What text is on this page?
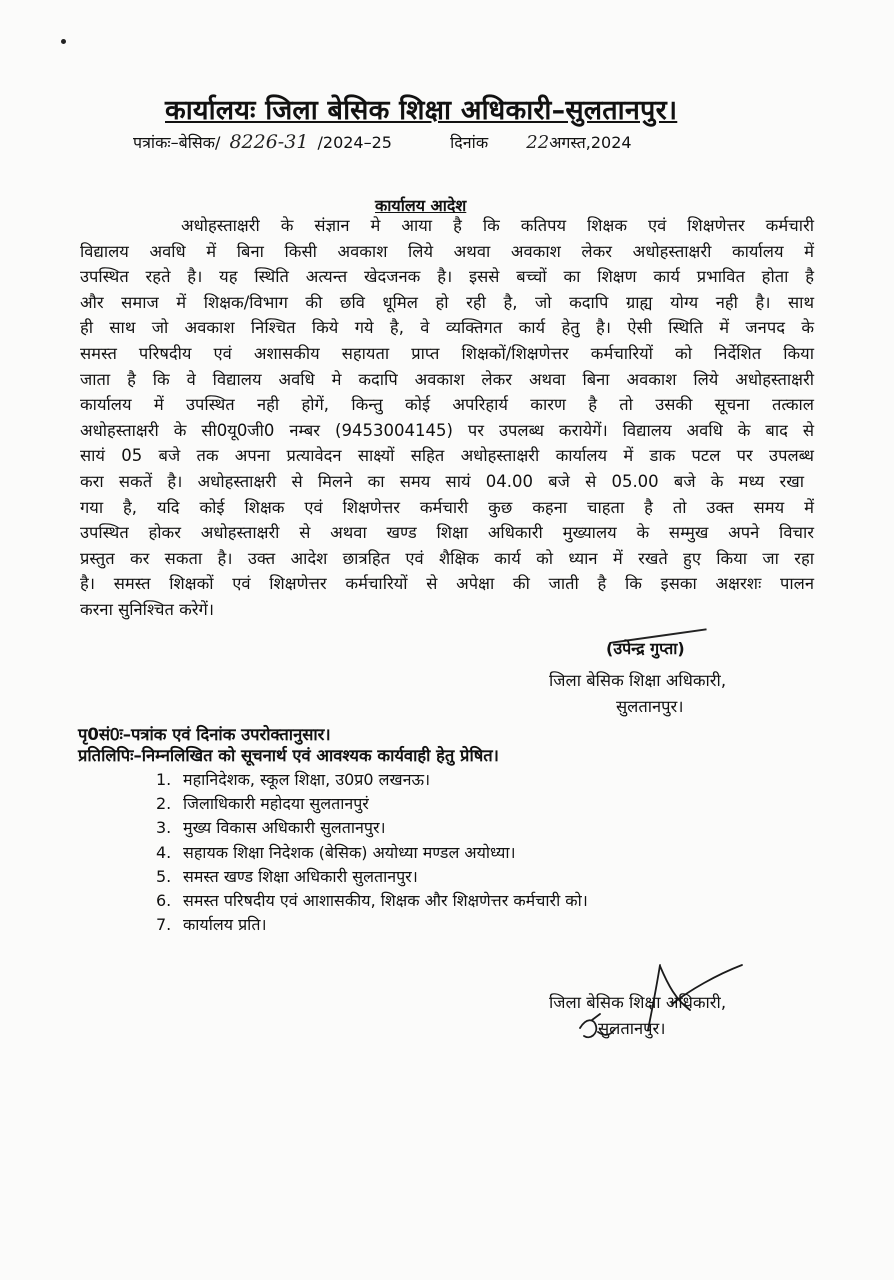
कार्यालयः जिला बेसिक शिक्षा अधिकारी–सुलतानपुर।
पत्रांकः–बेसिक/ 8226-31 /2024–25	दिनांक 22अगस्त,2024
कार्यालय आदेश
अधोहस्ताक्षरी के संज्ञान मे आया है कि कतिपय शिक्षक एवं शिक्षणेत्तर कर्मचारी
विद्यालय अवधि में बिना किसी अवकाश लिये अथवा अवकाश लेकर अधोहस्ताक्षरी कार्यालय में
उपस्थित रहते है। यह स्थिति अत्यन्त खेदजनक है। इससे बच्चों का शिक्षण कार्य प्रभावित होता है
और समाज में शिक्षक/विभाग की छवि धूमिल हो रही है, जो कदापि ग्राह्य योग्य नही है। साथ
ही साथ जो अवकाश निश्चित किये गये है, वे व्यक्तिगत कार्य हेतु है। ऐसी स्थिति में जनपद के
समस्त परिषदीय एवं अशासकीय सहायता प्राप्त शिक्षकों/शिक्षणेत्तर कर्मचारियों को निर्देशित किया
जाता है कि वे विद्यालय अवधि मे कदापि अवकाश लेकर अथवा बिना अवकाश लिये अधोहस्ताक्षरी
कार्यालय में उपस्थित नही होगें, किन्तु कोई अपरिहार्य कारण है तो उसकी सूचना तत्काल
अधोहस्ताक्षरी के सी0यू0जी0 नम्बर (9453004145) पर उपलब्ध करायेगें। विद्यालय अवधि के बाद से
सायं 05 बजे तक अपना प्रत्यावेदन साक्ष्यों सहित अधोहस्ताक्षरी कार्यालय में डाक पटल पर उपलब्ध
करा सकतें है। अधोहस्ताक्षरी से मिलने का समय सायं 04.00 बजे से 05.00 बजे के मध्य रखा
गया है, यदि कोई शिक्षक एवं शिक्षणेत्तर कर्मचारी कुछ कहना चाहता है तो उक्त समय में
उपस्थित होकर अधोहस्ताक्षरी से अथवा खण्ड शिक्षा अधिकारी मुख्यालय के सम्मुख अपने विचार
प्रस्तुत कर सकता है। उक्त आदेश छात्रहित एवं शैक्षिक कार्य को ध्यान में रखते हुए किया जा रहा
है। समस्त शिक्षकों एवं शिक्षणेत्तर कर्मचारियों से अपेक्षा की जाती है कि इसका अक्षरशः पालन
करना सुनिश्चित करेगें।
(उपेन्द्र गुप्ता)
जिला बेसिक शिक्षा अधिकारी,
सुलतानपुर।
पृ0सं0ः–पत्रांक एवं दिनांक उपरोक्तानुसार।
प्रतिलिपिः–निम्नलिखित को सूचनार्थ एवं आवश्यक कार्यवाही हेतु प्रेषित।
1. महानिदेशक, स्कूल शिक्षा, उ0प्र0 लखनऊ।
2. जिलाधिकारी महोदया सुलतानपुरं
3. मुख्य विकास अधिकारी सुलतानपुर।
4. सहायक शिक्षा निदेशक (बेसिक) अयोध्या मण्डल अयोध्या।
5. समस्त खण्ड शिक्षा अधिकारी सुलतानपुर।
6. समस्त परिषदीय एवं आशासकीय, शिक्षक और शिक्षणेत्तर कर्मचारी को।
7. कार्यालय प्रति।
जिला बेसिक शिक्षा अधिकारी,
सुलतानपुर।
